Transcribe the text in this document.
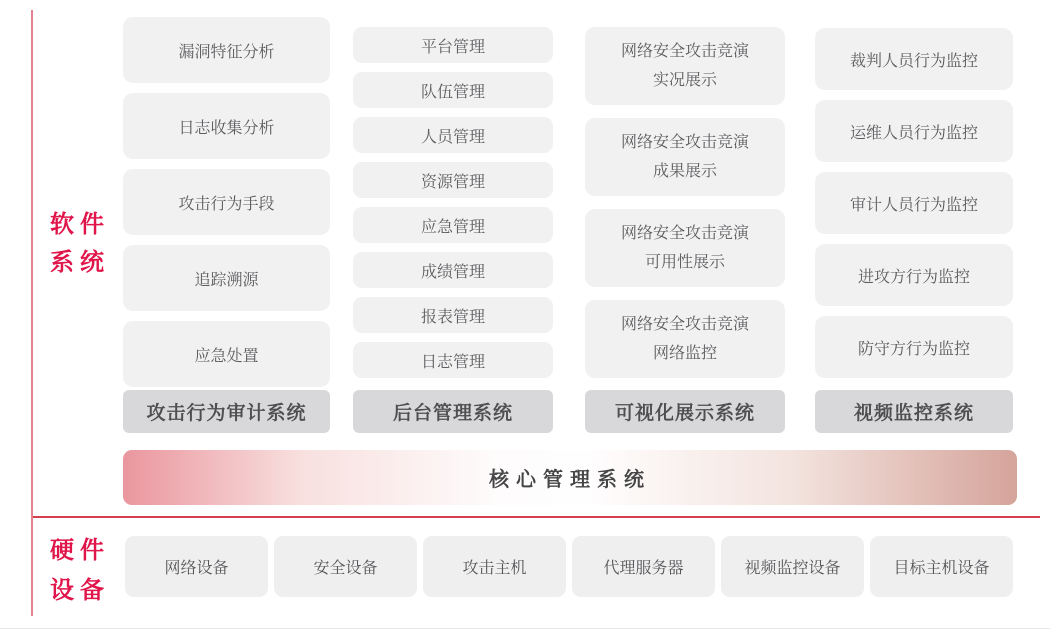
软件
系统
漏洞特征分析
日志收集分析
攻击行为手段
追踪溯源
应急处置
攻击行为审计系统
平台管理
队伍管理
人员管理
资源管理
应急管理
成绩管理
报表管理
日志管理
后台管理系统
网络安全攻击竞演
实况展示
网络安全攻击竞演
成果展示
网络安全攻击竞演
可用性展示
网络安全攻击竞演
网络监控
可视化展示系统
裁判人员行为监控
运维人员行为监控
审计人员行为监控
进攻方行为监控
防守方行为监控
视频监控系统
核心管理系统
硬件
设备
网络设备	安全设备	攻击主机	代理服务器	视频监控设备	目标主机设备
